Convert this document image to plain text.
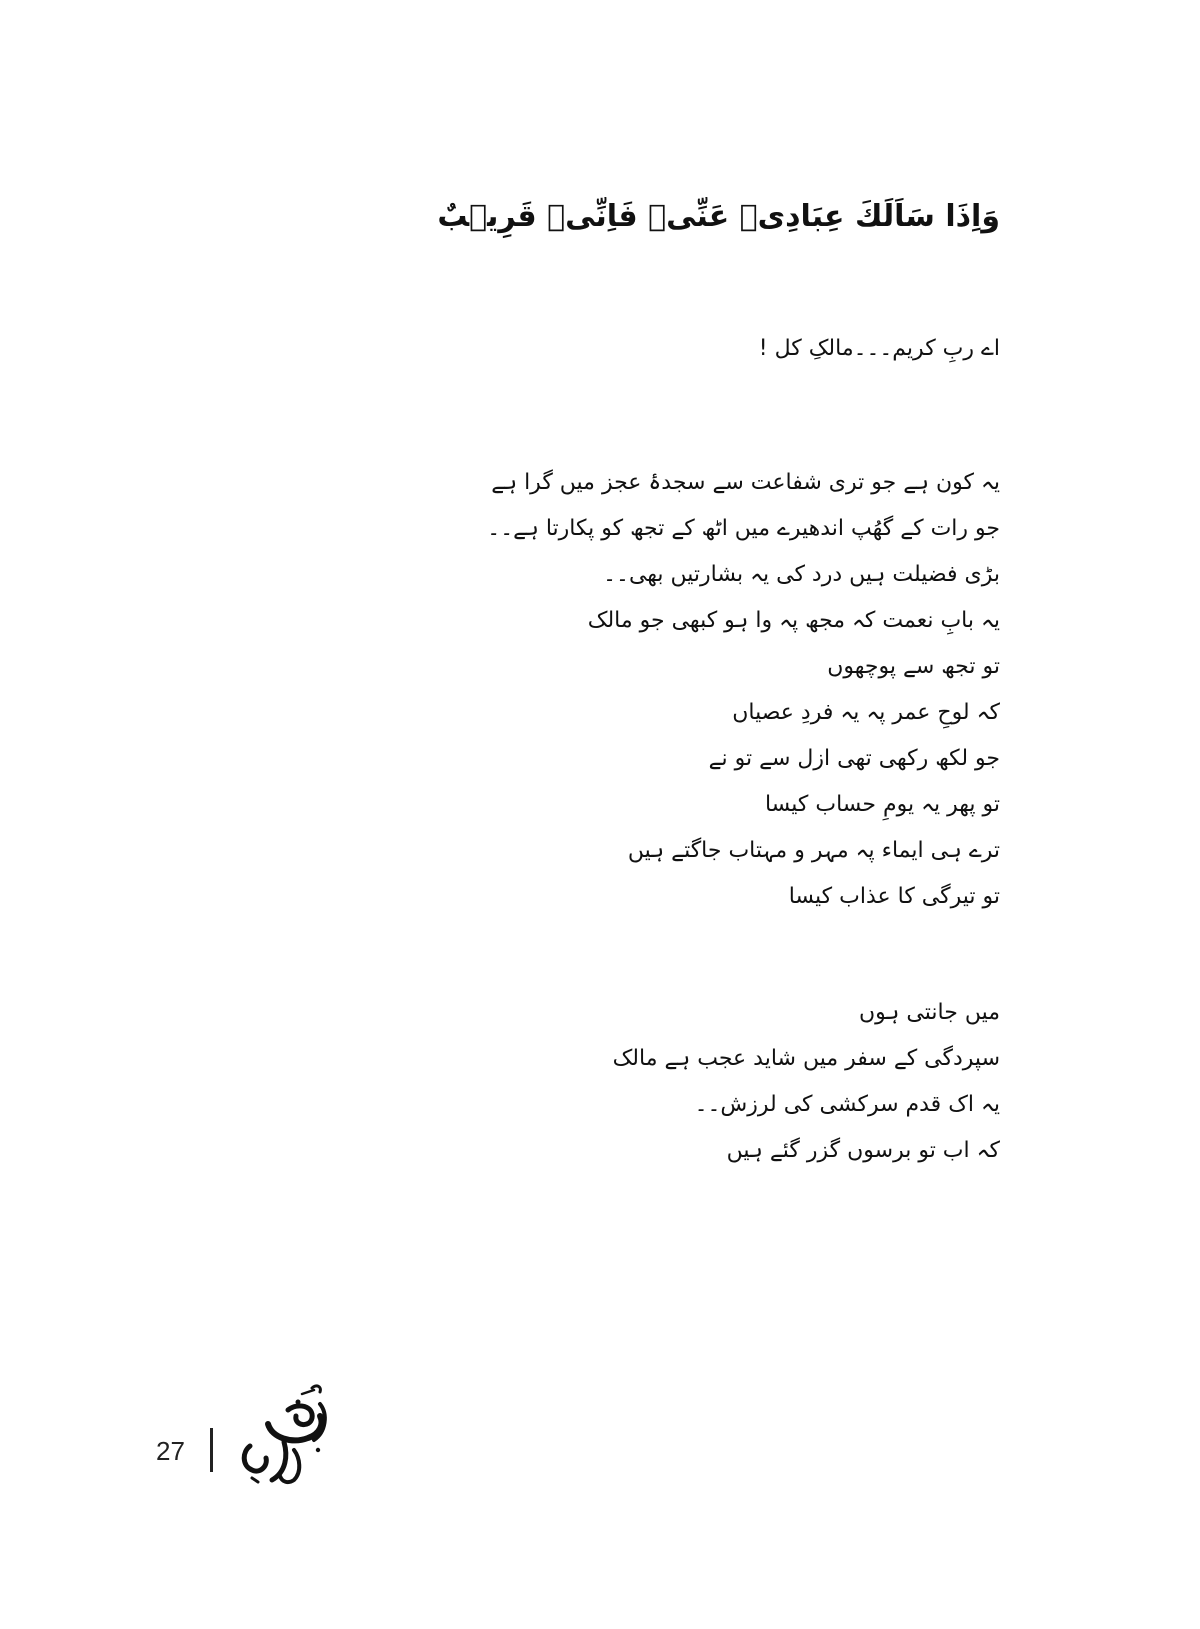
وَاِذَا سَاَلَكَ عِبَادِیۡ عَنِّیۡ فَاِنِّیۡ قَرِیۡبٌ
اے ربِ کریم۔۔۔مالکِ کل !
یہ کون ہے جو تری شفاعت سے سجدۂ عجز میں گرا ہے
جو رات کے گھُپ اندھیرے میں اٹھ کے تجھ کو پکارتا ہے۔۔
بڑی فضیلت ہیں درد کی یہ بشارتیں بھی۔۔
یہ بابِ نعمت کہ مجھ پہ وا ہو کبھی جو مالک
تو تجھ سے پوچھوں
کہ لوحِ عمر پہ یہ فردِ عصیاں
جو لکھ رکھی تھی ازل سے تو نے
تو پھر یہ یومِ حساب کیسا
ترے ہی ایماء پہ مہر و مہتاب جاگتے ہیں
تو تیرگی کا عذاب کیسا
میں جانتی ہوں
سپردگی کے سفر میں شاید عجب ہے مالک
یہ اک قدم سرکشی کی لرزش۔۔
کہ اب تو برسوں گزر گئے ہیں
27
